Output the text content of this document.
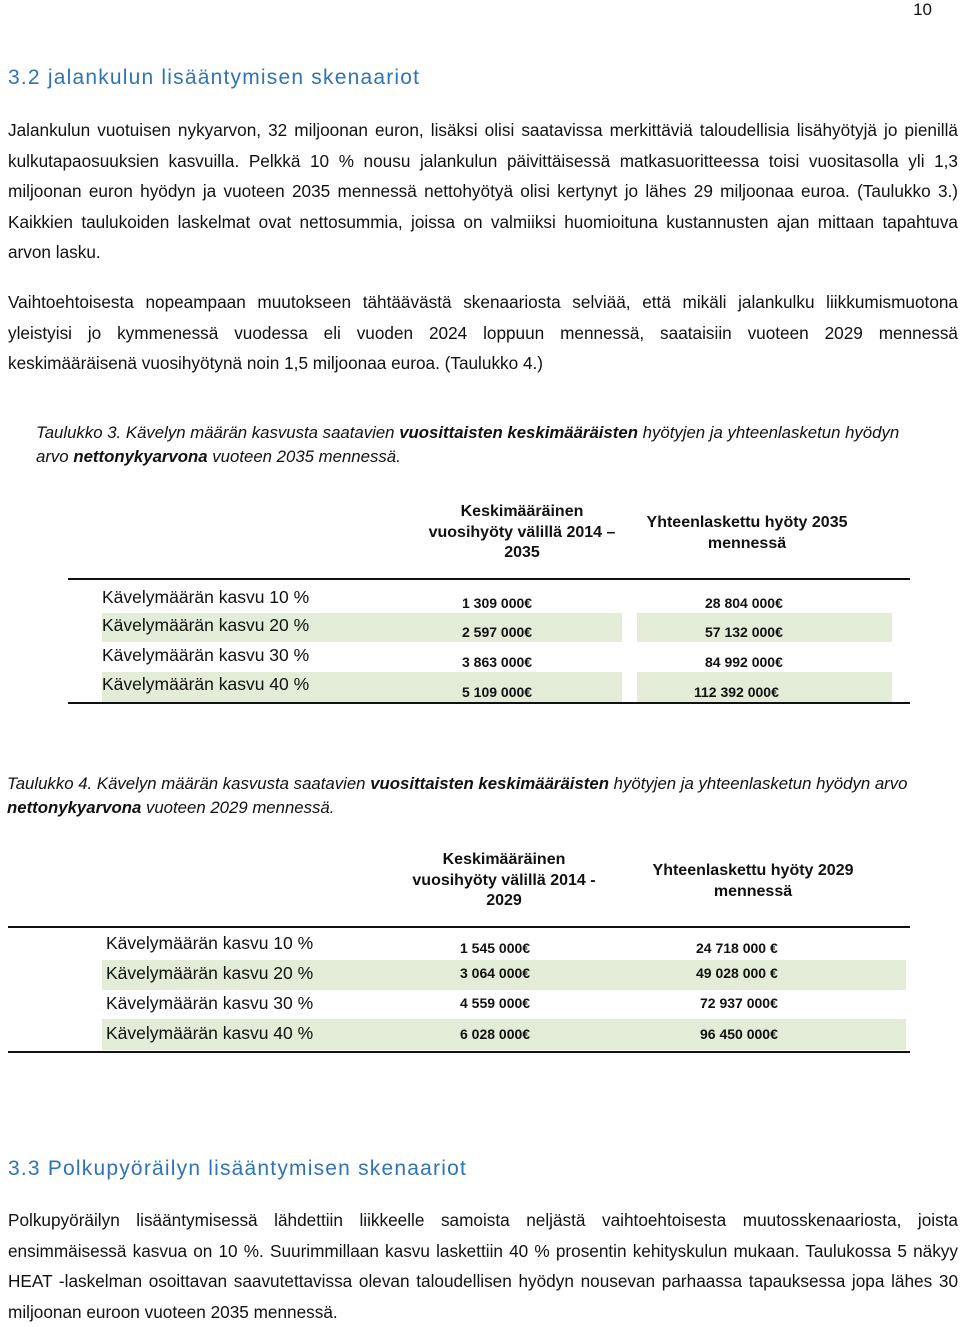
10
3.2 jalankulun lisääntymisen skenaariot
Jalankulun vuotuisen nykyarvon, 32 miljoonan euron, lisäksi olisi saatavissa merkittäviä taloudellisia lisähyötyjä jo pienillä kulkutapaosuuksien kasvuilla. Pelkkä 10 % nousu jalankulun päivittäisessä matkasuoritteessa toisi vuositasolla yli 1,3 miljoonan euron hyödyn ja vuoteen 2035 mennessä nettohyötyä olisi kertynyt jo lähes 29 miljoonaa euroa. (Taulukko 3.) Kaikkien taulukoiden laskelmat ovat nettosummia, joissa on valmiiksi huomioituna kustannusten ajan mittaan tapahtuva arvon lasku.
Vaihtoehtoisesta nopeampaan muutokseen tähtäävästä skenaariosta selviää, että mikäli jalankulku liikkumismuotona yleistyisi jo kymmenessä vuodessa eli vuoden 2024 loppuun mennessä, saataisiin vuoteen 2029 mennessä keskimääräisenä vuosihyötynä noin 1,5 miljoonaa euroa. (Taulukko 4.)
Taulukko 3. Kävelyn määrän kasvusta saatavien vuosittaisten keskimääräisten hyötyjen ja yhteenlasketun hyödyn arvo nettonykyarvona vuoteen 2035 mennessä.
Keskimääräinen vuosihyöty välillä 2014 – 2035
Yhteenlaskettu hyöty 2035 mennessä
Kävelymäärän kasvu 10 %	1 309 000€	28 804 000€
Kävelymäärän kasvu 20 %	2 597 000€	57 132 000€
Kävelymäärän kasvu 30 %	3 863 000€	84 992 000€
Kävelymäärän kasvu 40 %	5 109 000€	112 392 000€
Taulukko 4. Kävelyn määrän kasvusta saatavien vuosittaisten keskimääräisten hyötyjen ja yhteenlasketun hyödyn arvo nettonykyarvona vuoteen 2029 mennessä.
Keskimääräinen vuosihyöty välillä 2014 - 2029
Yhteenlaskettu hyöty 2029 mennessä
Kävelymäärän kasvu 10 %	1 545 000€	24 718 000 €
Kävelymäärän kasvu 20 %	3 064 000€	49 028 000 €
Kävelymäärän kasvu 30 %	4 559 000€	72 937 000€
Kävelymäärän kasvu 40 %	6 028 000€	96 450 000€
3.3 Polkupyöräilyn lisääntymisen skenaariot
Polkupyöräilyn lisääntymisessä lähdettiin liikkeelle samoista neljästä vaihtoehtoisesta muutosskenaariosta, joista ensimmäisessä kasvua on 10 %. Suurimmillaan kasvu laskettiin 40 % prosentin kehityskulun mukaan. Taulukossa 5 näkyy HEAT -laskelman osoittavan saavutettavissa olevan taloudellisen hyödyn nousevan parhaassa tapauksessa jopa lähes 30 miljoonan euroon vuoteen 2035 mennessä.
